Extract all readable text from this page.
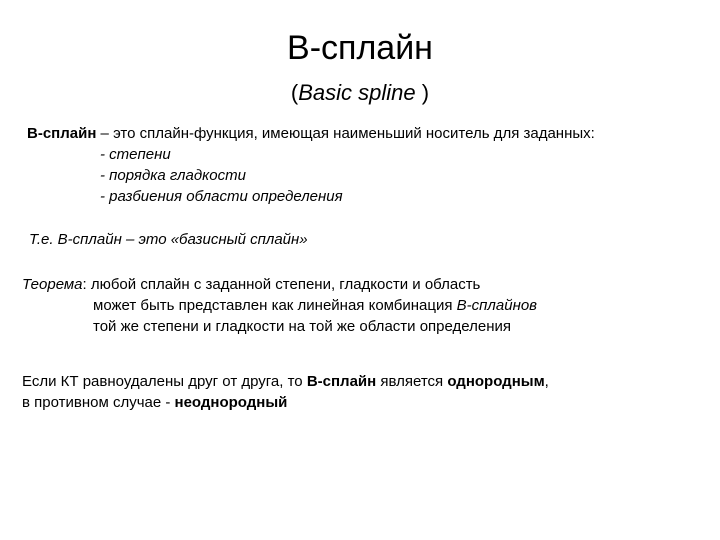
B-сплайн
(Basic spline )
B-сплайн – это сплайн-функция, имеющая наименьший носитель для заданных:
- степени
- порядка гладкости
- разбиения области определения
Т.е. B-сплайн – это «базисный сплайн»
Теорема: любой сплайн с заданной степени, гладкости и область
может быть представлен как линейная комбинация B-сплайнов
той же степени и гладкости на той же области определения
Если КТ равноудалены друг от друга, то B-сплайн является однородным,
в противном случае - неоднородный
